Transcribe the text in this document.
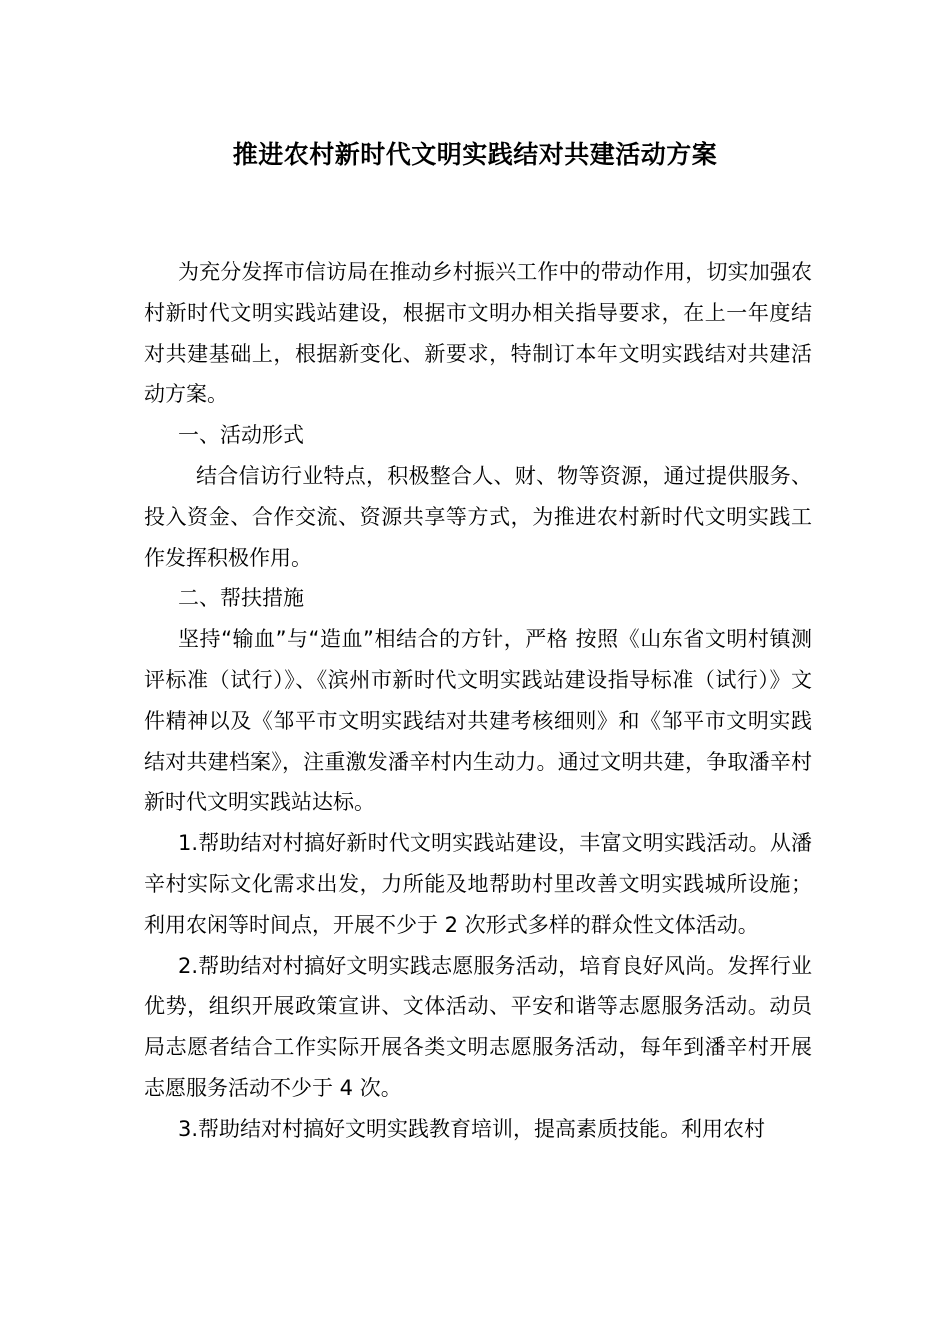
推进农村新时代文明实践结对共建活动方案

为充分发挥市信访局在推动乡村振兴工作中的带动作用，切实加强农村新时代文明实践站建设，根据市文明办相关指导要求，在上一年度结对共建基础上，根据新变化、新要求，特制订本年文明实践结对共建活动方案。

一、活动形式

结合信访行业特点，积极整合人、财、物等资源，通过提供服务、投入资金、合作交流、资源共享等方式，为推进农村新时代文明实践工作发挥积极作用。

二、帮扶措施

坚持“输血”与“造血”相结合的方针，严格 按照《山东省文明村镇测评标准（试行）》、《滨州市新时代文明实践站建设指导标准（试行）》文件精神以及《邹平市文明实践结对共建考核细则》和《邹平市文明实践结对共建档案》，注重激发潘辛村内生动力。通过文明共建，争取潘辛村新时代文明实践站达标。

1.帮助结对村搞好新时代文明实践站建设，丰富文明实践活动。从潘辛村实际文化需求出发，力所能及地帮助村里改善文明实践城所设施；利用农闲等时间点，开展不少于 2 次形式多样的群众性文体活动。

2.帮助结对村搞好文明实践志愿服务活动，培育良好风尚。发挥行业优势，组织开展政策宣讲、文体活动、平安和谐等志愿服务活动。动员局志愿者结合工作实际开展各类文明志愿服务活动，每年到潘辛村开展志愿服务活动不少于 4 次。

3.帮助结对村搞好文明实践教育培训，提高素质技能。利用农村
